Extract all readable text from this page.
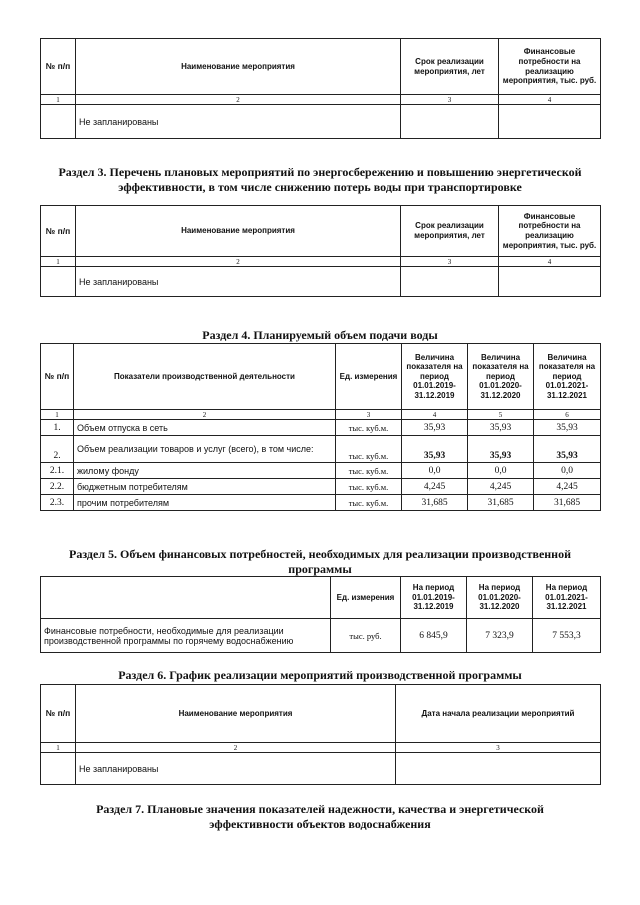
№ п/п	Наименование мероприятия	Срок реализации мероприятия, лет	Финансовые потребности на реализацию мероприятия, тыс. руб.
1	2	3	4
	Не запланированы		
Раздел 3. Перечень плановых мероприятий по энергосбережению и повышению энергетической эффективности, в том числе снижению потерь воды при транспортировке
№ п/п	Наименование мероприятия	Срок реализации мероприятия, лет	Финансовые потребности на реализацию мероприятия, тыс. руб.
1	2	3	4
	Не запланированы		
Раздел 4. Планируемый объем подачи воды
№ п/п	Показатели производственной деятельности	Ед. измерения	Величина показателя на период 01.01.2019-31.12.2019	Величина показателя на период 01.01.2020-31.12.2020	Величина показателя на период 01.01.2021-31.12.2021
1	2	3	4	5	6
1.	Объем отпуска в сеть	тыс. куб.м.	35,93	35,93	35,93
2.	Объем реализации товаров и услуг (всего), в том числе:	тыс. куб.м.	35,93	35,93	35,93
2.1.	жилому фонду	тыс. куб.м.	0,0	0,0	0,0
2.2.	бюджетным потребителям	тыс. куб.м.	4,245	4,245	4,245
2.3.	прочим потребителям	тыс. куб.м.	31,685	31,685	31,685
Раздел 5. Объем финансовых потребностей, необходимых для реализации производственной программы
	Ед. измерения	На период 01.01.2019-31.12.2019	На период 01.01.2020-31.12.2020	На период 01.01.2021-31.12.2021
Финансовые потребности, необходимые для реализации производственной программы по горячему водоснабжению	тыс. руб.	6 845,9	7 323,9	7 553,3
Раздел 6. График реализации мероприятий производственной программы
№ п/п	Наименование мероприятия	Дата начала реализации мероприятий
1	2	3
	Не запланированы	
Раздел 7. Плановые значения показателей надежности, качества и энергетической эффективности объектов водоснабжения
